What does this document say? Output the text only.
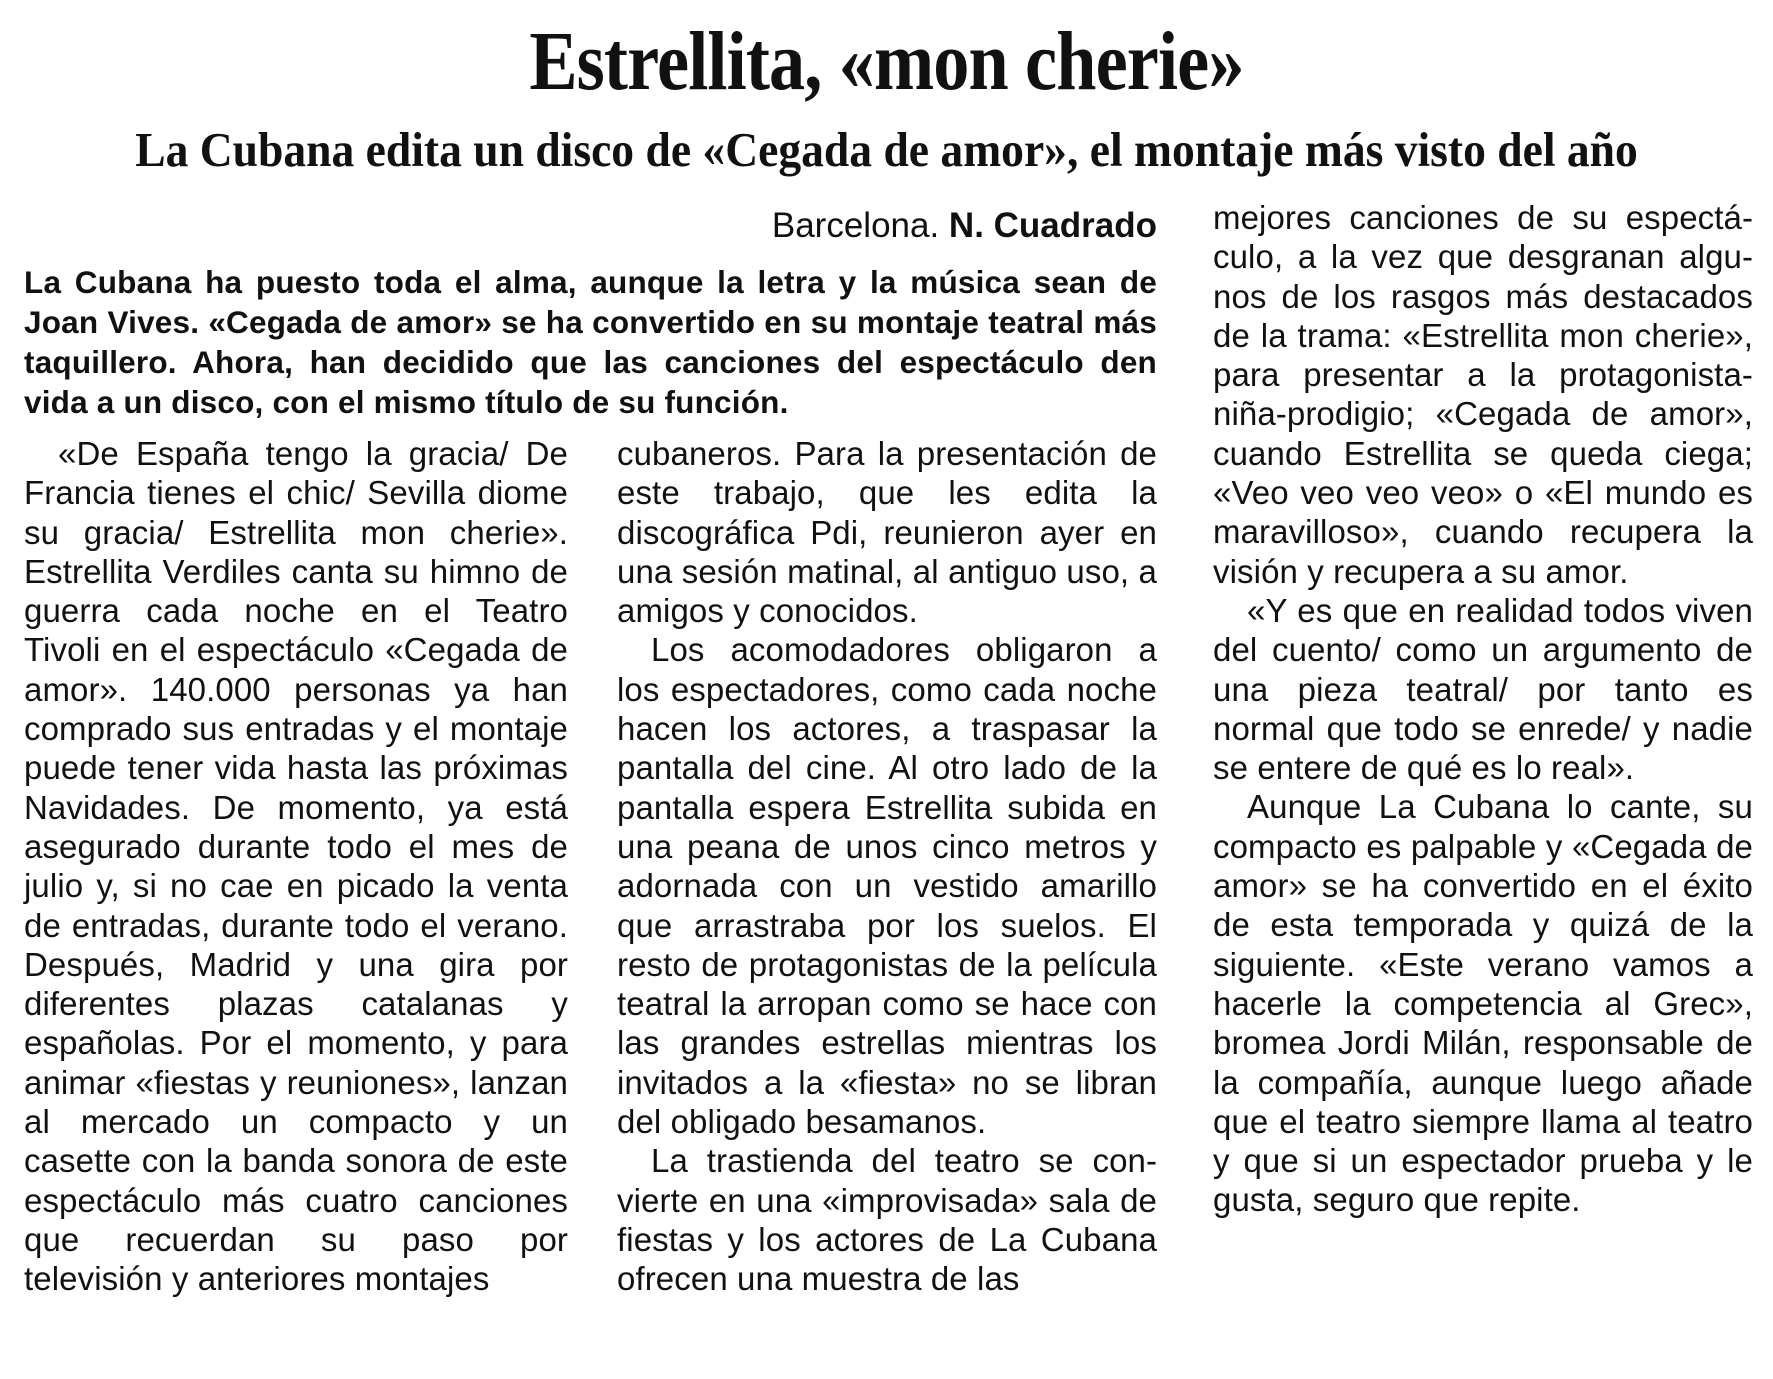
Estrellita, «mon cherie»
La Cubana edita un disco de «Cegada de amor», el montaje más visto del año
Barcelona. N. Cuadrado

La Cubana ha puesto toda el alma, aunque la letra y la música sean de Joan Vives. «Cegada de amor» se ha convertido en su montaje teatral más taquillero. Ahora, han decidido que las canciones del espectáculo den vida a un disco, con el mismo título de su función.

«De España tengo la gracia/ De Francia tienes el chic/ Sevilla diome su gracia/ Estrellita mon cherie». Estrellita Verdiles canta su himno de guerra cada noche en el Teatro Tivoli en el espectáculo «Cegada de amor». 140.000 personas ya han comprado sus entradas y el montaje puede tener vida hasta las próximas Navidades. De momento, ya está asegurado durante todo el mes de julio y, si no cae en picado la venta de entradas, durante todo el verano. Después, Madrid y una gira por diferentes plazas catalanas y españolas. Por el momento, y para animar «fiestas y reuniones», lanzan al mercado un compacto y un casette con la banda sonora de este espectáculo más cuatro canciones que recuerdan su paso por televisión y anteriores montajes

cubaneros. Para la presentación de este trabajo, que les edita la discográfica Pdi, reunieron ayer en una sesión matinal, al antiguo uso, a amigos y conocidos.

Los acomodadores obligaron a los espectadores, como cada noche hacen los actores, a traspasar la pantalla del cine. Al otro lado de la pantalla espera Estrellita subida en una peana de unos cinco metros y adornada con un vestido amarillo que arrastraba por los suelos. El resto de protagonistas de la película teatral la arropan como se hace con las grandes estrellas mientras los invitados a la «fiesta» no se libran del obligado besamanos.

La trastienda del teatro se convierte en una «improvisada» sala de fiestas y los actores de La Cubana ofrecen una muestra de las

mejores canciones de su espectáculo, a la vez que desgranan algunos de los rasgos más destacados de la trama: «Estrellita mon cherie», para presentar a la protagonista-niña-prodigio; «Cegada de amor», cuando Estrellita se queda ciega; «Veo veo veo veo» o «El mundo es maravilloso», cuando recupera la visión y recupera a su amor.

«Y es que en realidad todos viven del cuento/ como un argumento de una pieza teatral/ por tanto es normal que todo se enrede/ y nadie se entere de qué es lo real».

Aunque La Cubana lo cante, su compacto es palpable y «Cegada de amor» se ha convertido en el éxito de esta temporada y quizá de la siguiente. «Este verano vamos a hacerle la competencia al Grec», bromea Jordi Milán, responsable de la compañía, aunque luego añade que el teatro siempre llama al teatro y que si un espectador prueba y le gusta, seguro que repite.
